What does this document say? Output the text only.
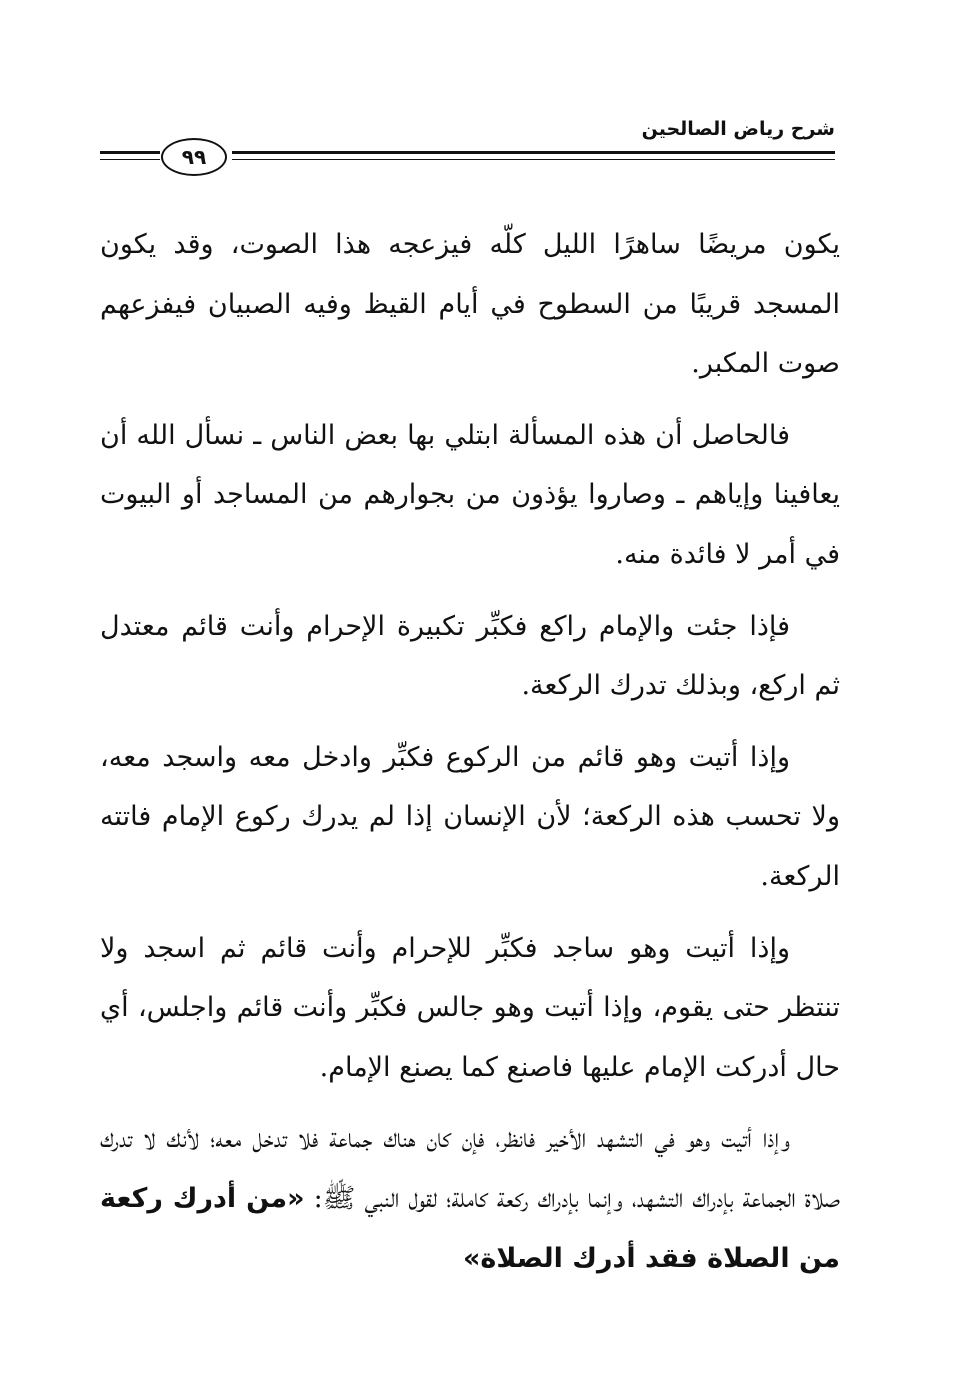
شرح رياض الصالحين
٩٩

يكون مريضًا ساهرًا الليل كلّه فيزعجه هذا الصوت، وقد يكون المسجد قريبًا من السطوح في أيام القيظ وفيه الصبيان فيفزعهم صوت المكبر.

فالحاصل أن هذه المسألة ابتلي بها بعض الناس ـ نسأل الله أن يعافينا وإياهم ـ وصاروا يؤذون من بجوارهم من المساجد أو البيوت في أمر لا فائدة منه.

فإذا جئت والإمام راكع فكبِّر تكبيرة الإحرام وأنت قائم معتدل ثم اركع، وبذلك تدرك الركعة.

وإذا أتيت وهو قائم من الركوع فكبِّر وادخل معه واسجد معه، ولا تحسب هذه الركعة؛ لأن الإنسان إذا لم يدرك ركوع الإمام فاتته الركعة.

وإذا أتيت وهو ساجد فكبِّر للإحرام وأنت قائم ثم اسجد ولا تنتظر حتى يقوم، وإذا أتيت وهو جالس فكبِّر وأنت قائم واجلس، أي حال أدركت الإمام عليها فاصنع كما يصنع الإمام.

وإذا أتيت وهو في التشهد الأخير فانظر، فإن كان هناك جماعة فلا تدخل معه؛ لأنك لا تدرك صلاة الجماعة بإدراك التشهد، وإنما بإدراك ركعة كاملة؛ لقول النبي ﷺ: «من أدرك ركعة من الصلاة فقد أدرك الصلاة»
